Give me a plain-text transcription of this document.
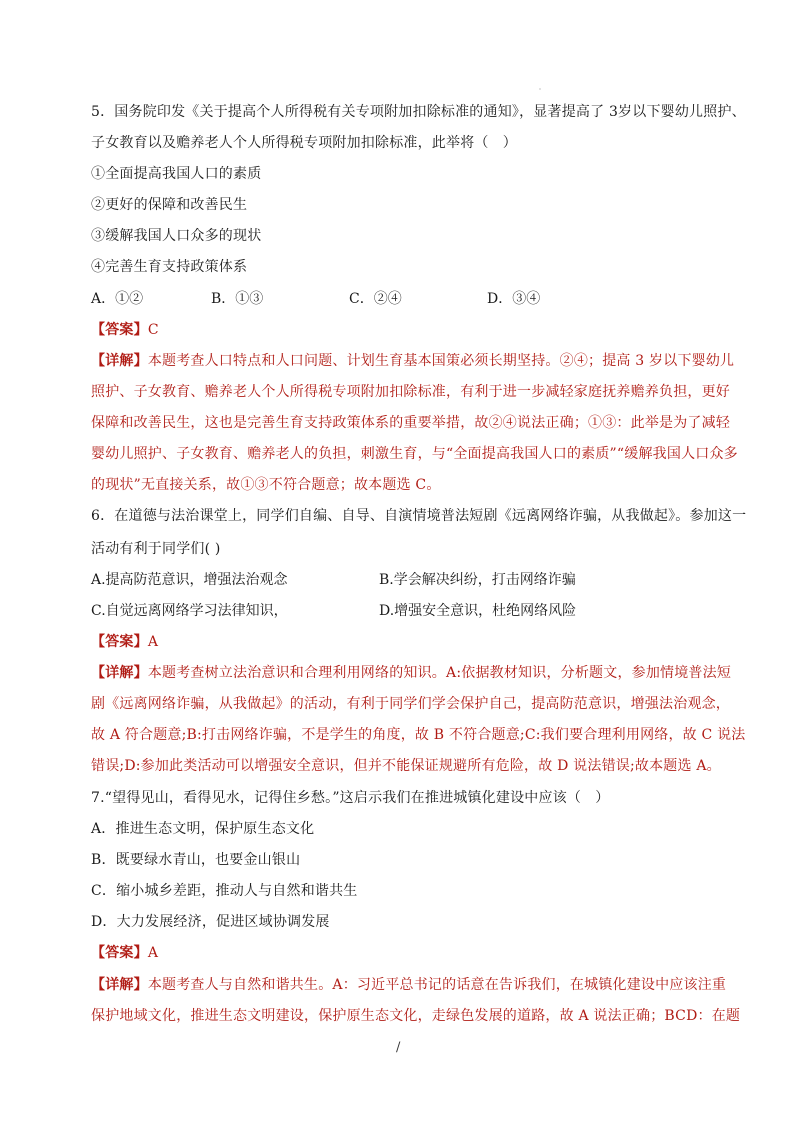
5．国务院印发《关于提高个人所得税有关专项附加扣除标准的通知》，显著提高了 3岁以下婴幼儿照护、
子女教育以及赡养老人个人所得税专项附加扣除标准，此举将（　）
①全面提高我国人口的素质
②更好的保障和改善民生
③缓解我国人口众多的现状
④完善生育支持政策体系
A．①②	B．①③	C．②④	D．③④
【答案】C
【详解】本题考查人口特点和人口问题、计划生育基本国策必须长期坚持。②④；提高 3 岁以下婴幼儿
照护、子女教育、赡养老人个人所得税专项附加扣除标准，有利于进一步减轻家庭抚养赡养负担，更好
保障和改善民生，这也是完善生育支持政策体系的重要举措，故②④说法正确；①③：此举是为了减轻
婴幼儿照护、子女教育、赡养老人的负担，刺激生育，与“全面提高我国人口的素质”“缓解我国人口众多
的现状”无直接关系，故①③不符合题意；故本题选 C。
6．在道德与法治课堂上，同学们自编、自导、自演情境普法短剧《远离网络诈骗，从我做起》。参加这一
活动有利于同学们( )
A.提高防范意识，增强法治观念	B.学会解决纠纷，打击网络诈骗
C.自觉远离网络学习法律知识，	D.增强安全意识，杜绝网络风险
【答案】A
【详解】本题考查树立法治意识和合理利用网络的知识。A:依据教材知识，分析题文，参加情境普法短
剧《远离网络诈骗，从我做起》的活动，有利于同学们学会保护自己，提高防范意识，增强法治观念，
故 A 符合题意;B:打击网络诈骗，不是学生的角度，故 B 不符合题意;C:我们要合理利用网络，故 C 说法
错误;D:参加此类活动可以增强安全意识，但并不能保证规避所有危险，故 D 说法错误;故本题选 A。
7.“望得见山，看得见水，记得住乡愁。”这启示我们在推进城镇化建设中应该（　）
A．推进生态文明，保护原生态文化
B．既要绿水青山，也要金山银山
C．缩小城乡差距，推动人与自然和谐共生
D．大力发展经济，促进区域协调发展
【答案】A
【详解】本题考查人与自然和谐共生。A：习近平总书记的话意在告诉我们，在城镇化建设中应该注重
保护地域文化，推进生态文明建设，保护原生态文化，走绿色发展的道路，故 A 说法正确；BCD：在题
/
